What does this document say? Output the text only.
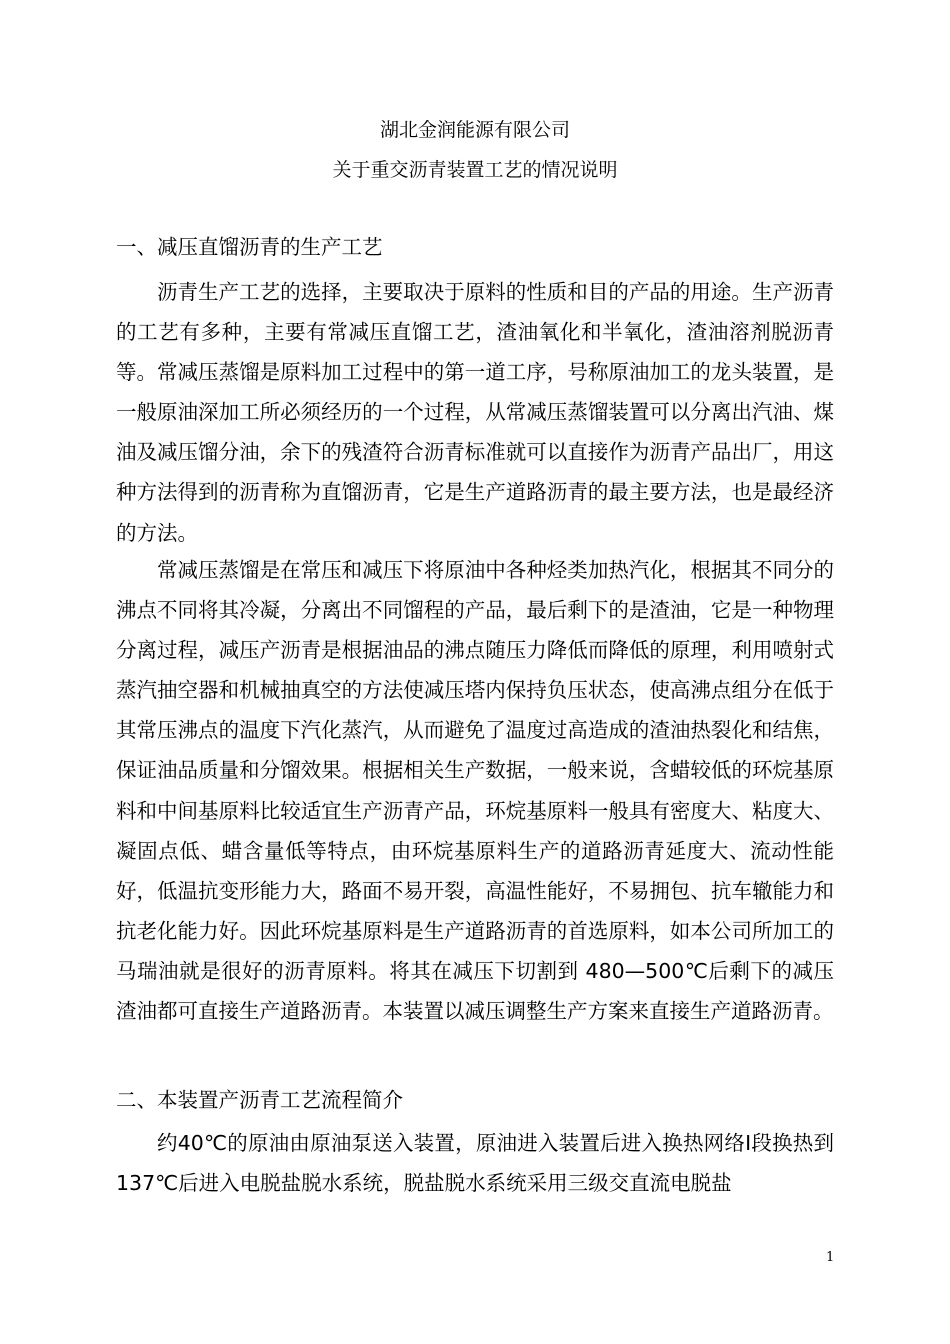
湖北金润能源有限公司
关于重交沥青装置工艺的情况说明
一、减压直馏沥青的生产工艺

沥青生产工艺的选择，主要取决于原料的性质和目的产品的用途。生产沥青的工艺有多种，主要有常减压直馏工艺，渣油氧化和半氧化，渣油溶剂脱沥青等。常减压蒸馏是原料加工过程中的第一道工序，号称原油加工的龙头装置，是一般原油深加工所必须经历的一个过程，从常减压蒸馏装置可以分离出汽油、煤油及减压馏分油，余下的残渣符合沥青标准就可以直接作为沥青产品出厂，用这种方法得到的沥青称为直馏沥青，它是生产道路沥青的最主要方法，也是最经济的方法。

常减压蒸馏是在常压和减压下将原油中各种烃类加热汽化，根据其不同分的沸点不同将其冷凝，分离出不同馏程的产品，最后剩下的是渣油，它是一种物理分离过程，减压产沥青是根据油品的沸点随压力降低而降低的原理，利用喷射式蒸汽抽空器和机械抽真空的方法使减压塔内保持负压状态，使高沸点组分在低于其常压沸点的温度下汽化蒸汽，从而避免了温度过高造成的渣油热裂化和结焦，保证油品质量和分馏效果。根据相关生产数据，一般来说，含蜡较低的环烷基原料和中间基原料比较适宜生产沥青产品，环烷基原料一般具有密度大、粘度大、凝固点低、蜡含量低等特点，由环烷基原料生产的道路沥青延度大、流动性能好，低温抗变形能力大，路面不易开裂，高温性能好，不易拥包、抗车辙能力和抗老化能力好。因此环烷基原料是生产道路沥青的首选原料，如本公司所加工的马瑞油就是很好的沥青原料。将其在减压下切割到 480—500℃后剩下的减压渣油都可直接生产道路沥青。本装置以减压调整生产方案来直接生产道路沥青。

二、本装置产沥青工艺流程简介

约40℃的原油由原油泵送入装置，原油进入装置后进入换热网络Ⅰ段换热到137℃后进入电脱盐脱水系统，脱盐脱水系统采用三级交直流电脱盐

1
